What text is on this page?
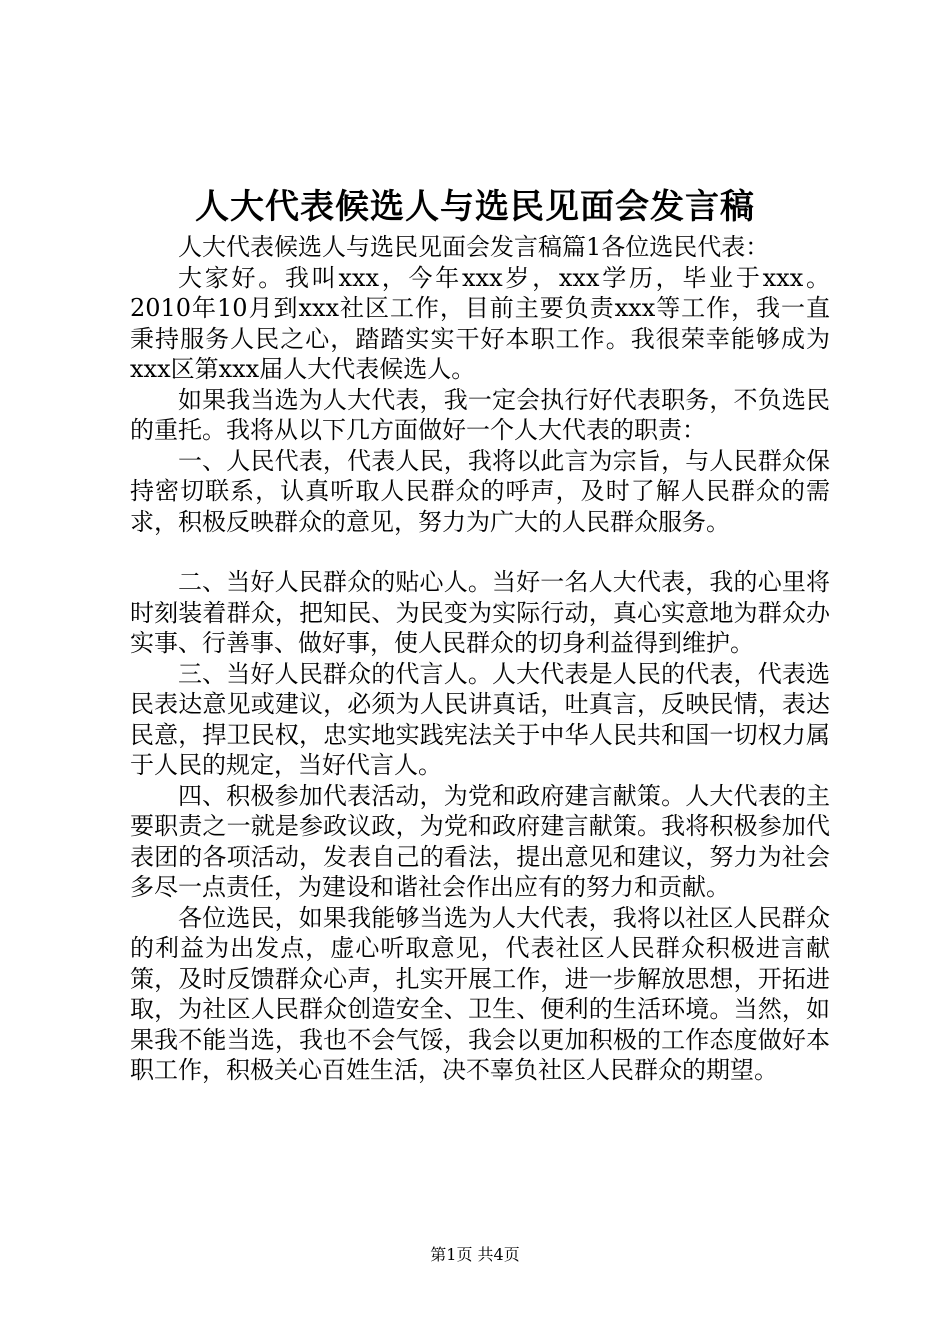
人大代表候选人与选民见面会发言稿

人大代表候选人与选民见面会发言稿篇1各位选民代表：

大家好。我叫xxx，今年xxx岁，xxx学历，毕业于xxx。2010年10月到xxx社区工作，目前主要负责xxx等工作，我一直秉持服务人民之心，踏踏实实干好本职工作。我很荣幸能够成为xxx区第xxx届人大代表候选人。

如果我当选为人大代表，我一定会执行好代表职务，不负选民的重托。我将从以下几方面做好一个人大代表的职责：

一、人民代表，代表人民，我将以此言为宗旨，与人民群众保持密切联系，认真听取人民群众的呼声，及时了解人民群众的需求，积极反映群众的意见，努力为广大的人民群众服务。

二、当好人民群众的贴心人。当好一名人大代表，我的心里将时刻装着群众，把知民、为民变为实际行动，真心实意地为群众办实事、行善事、做好事，使人民群众的切身利益得到维护。

三、当好人民群众的代言人。人大代表是人民的代表，代表选民表达意见或建议，必须为人民讲真话，吐真言，反映民情，表达民意，捍卫民权，忠实地实践宪法关于中华人民共和国一切权力属于人民的规定，当好代言人。

四、积极参加代表活动，为党和政府建言献策。人大代表的主要职责之一就是参政议政，为党和政府建言献策。我将积极参加代表团的各项活动，发表自己的看法，提出意见和建议，努力为社会多尽一点责任，为建设和谐社会作出应有的努力和贡献。

各位选民，如果我能够当选为人大代表，我将以社区人民群众的利益为出发点，虚心听取意见，代表社区人民群众积极进言献策，及时反馈群众心声，扎实开展工作，进一步解放思想，开拓进取，为社区人民群众创造安全、卫生、便利的生活环境。当然，如果我不能当选，我也不会气馁，我会以更加积极的工作态度做好本职工作，积极关心百姓生活，决不辜负社区人民群众的期望。

第1页 共4页
